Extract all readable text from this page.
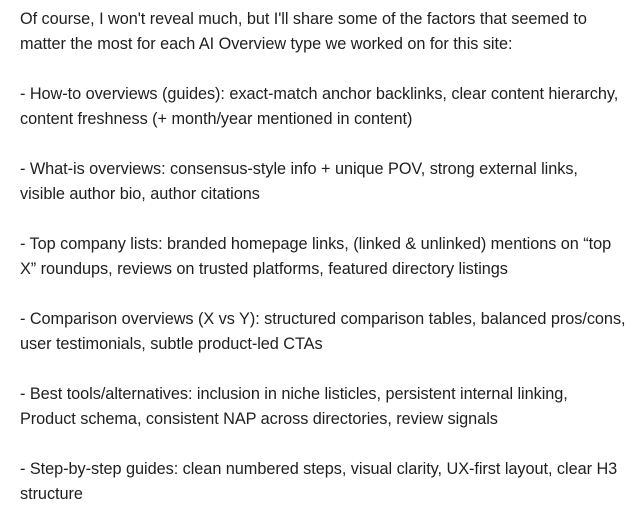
Of course, I won't reveal much, but I'll share some of the factors that seemed to matter the most for each AI Overview type we worked on for this site:

- How-to overviews (guides): exact-match anchor backlinks, clear content hierarchy, content freshness (+ month/year mentioned in content)

- What-is overviews: consensus-style info + unique POV, strong external links, visible author bio, author citations

- Top company lists: branded homepage links, (linked & unlinked) mentions on “top X” roundups, reviews on trusted platforms, featured directory listings

- Comparison overviews (X vs Y): structured comparison tables, balanced pros/cons, user testimonials, subtle product-led CTAs

- Best tools/alternatives: inclusion in niche listicles, persistent internal linking, Product schema, consistent NAP across directories, review signals

- Step-by-step guides: clean numbered steps, visual clarity, UX-first layout, clear H3 structure
